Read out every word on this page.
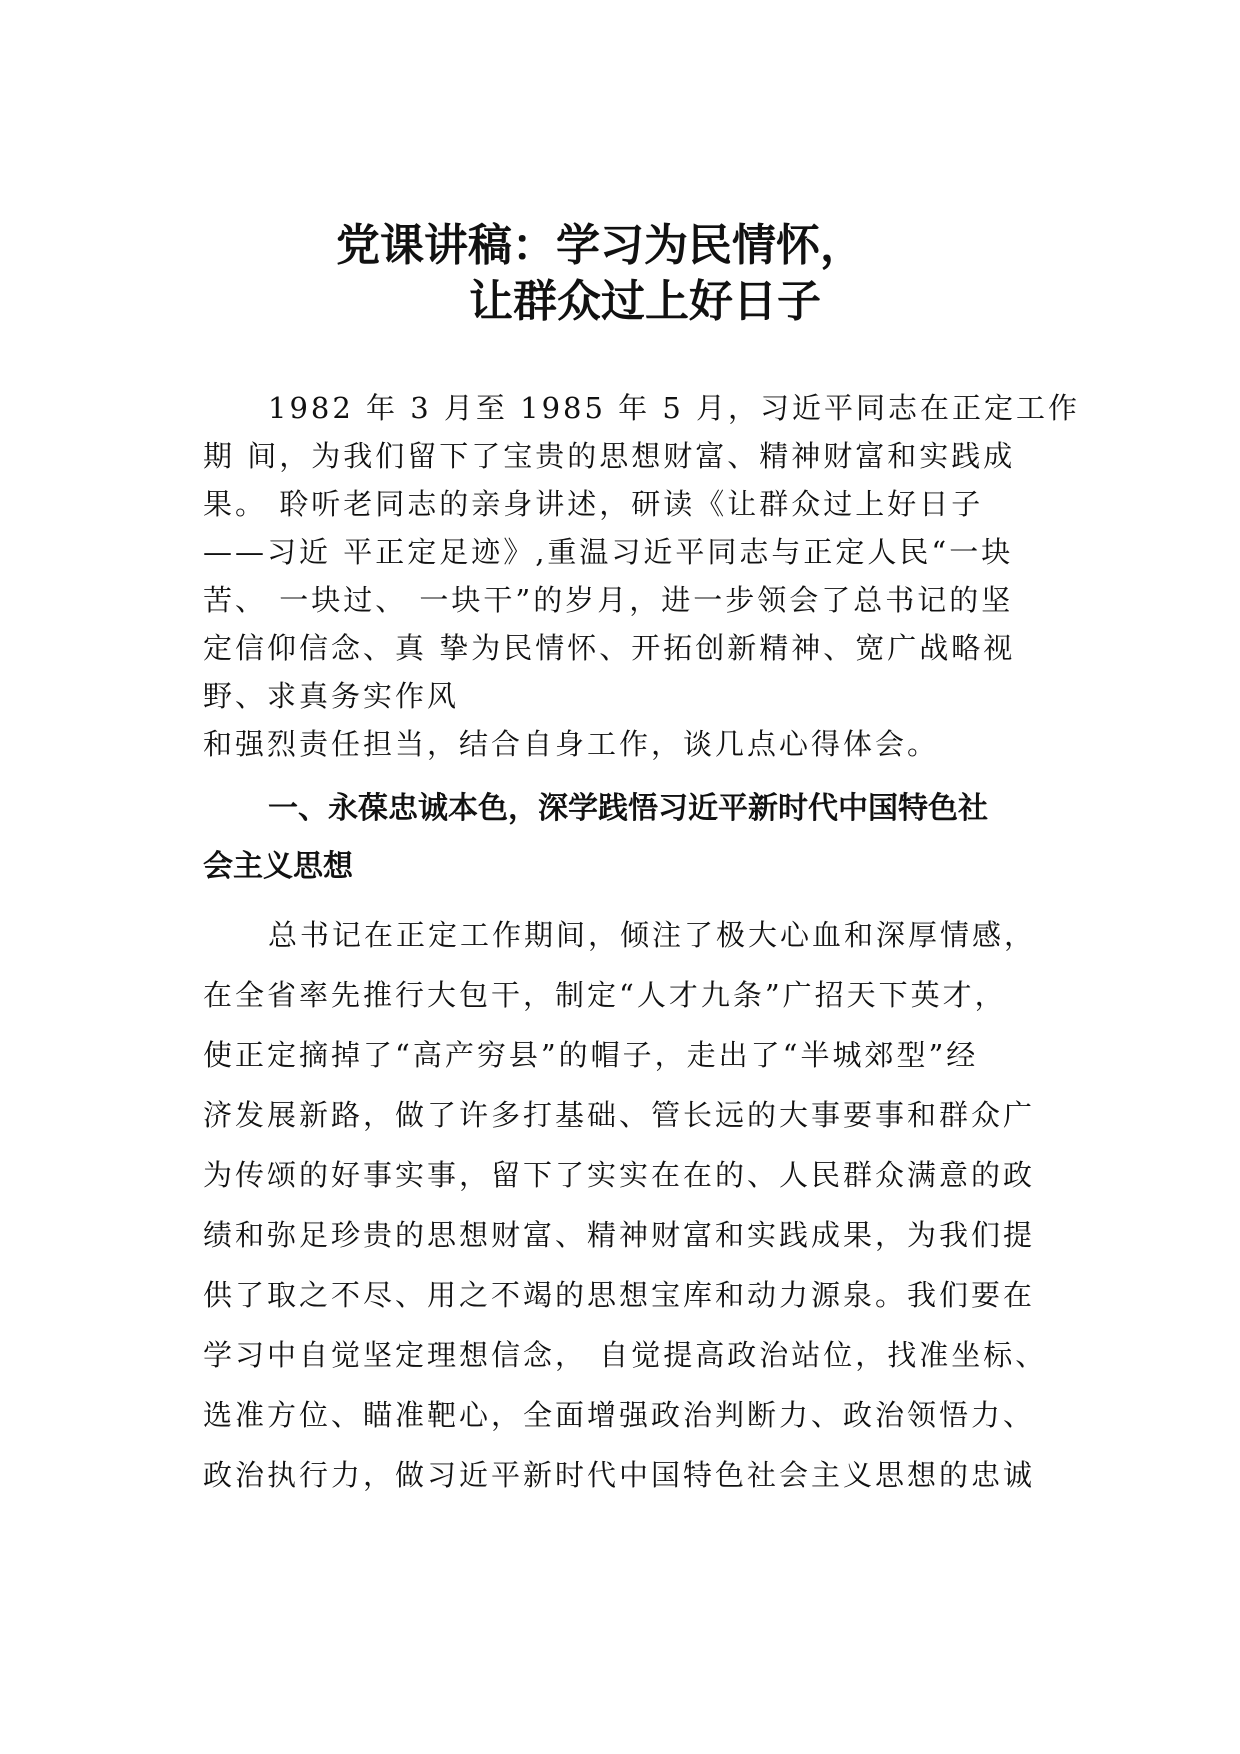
党课讲稿：学习为民情怀，
让群众过上好日子
1982 年 3 月至 1985 年 5 月，习近平同志在正定工作
期 间，为我们留下了宝贵的思想财富、精神财富和实践成
果。 聆听老同志的亲身讲述，研读《让群众过上好日子
——习近 平正定足迹》,重温习近平同志与正定人民“一块
苦、 一块过、 一块干”的岁月，进一步领会了总书记的坚
定信仰信念、真 挚为民情怀、开拓创新精神、宽广战略视
野、求真务实作风
和强烈责任担当，结合自身工作，谈几点心得体会。
一、永葆忠诚本色，深学践悟习近平新时代中国特色社
会主义思想
总书记在正定工作期间，倾注了极大心血和深厚情感，
在全省率先推行大包干，制定“人才九条”广招天下英才，
使正定摘掉了“高产穷县”的帽子，走出了“半城郊型”经
济发展新路，做了许多打基础、管长远的大事要事和群众广
为传颂的好事实事，留下了实实在在的、人民群众满意的政
绩和弥足珍贵的思想财富、精神财富和实践成果，为我们提
供了取之不尽、用之不竭的思想宝库和动力源泉。我们要在
学习中自觉坚定理想信念， 自觉提高政治站位，找准坐标、
选准方位、瞄准靶心，全面增强政治判断力、政治领悟力、
政治执行力，做习近平新时代中国特色社会主义思想的忠诚
